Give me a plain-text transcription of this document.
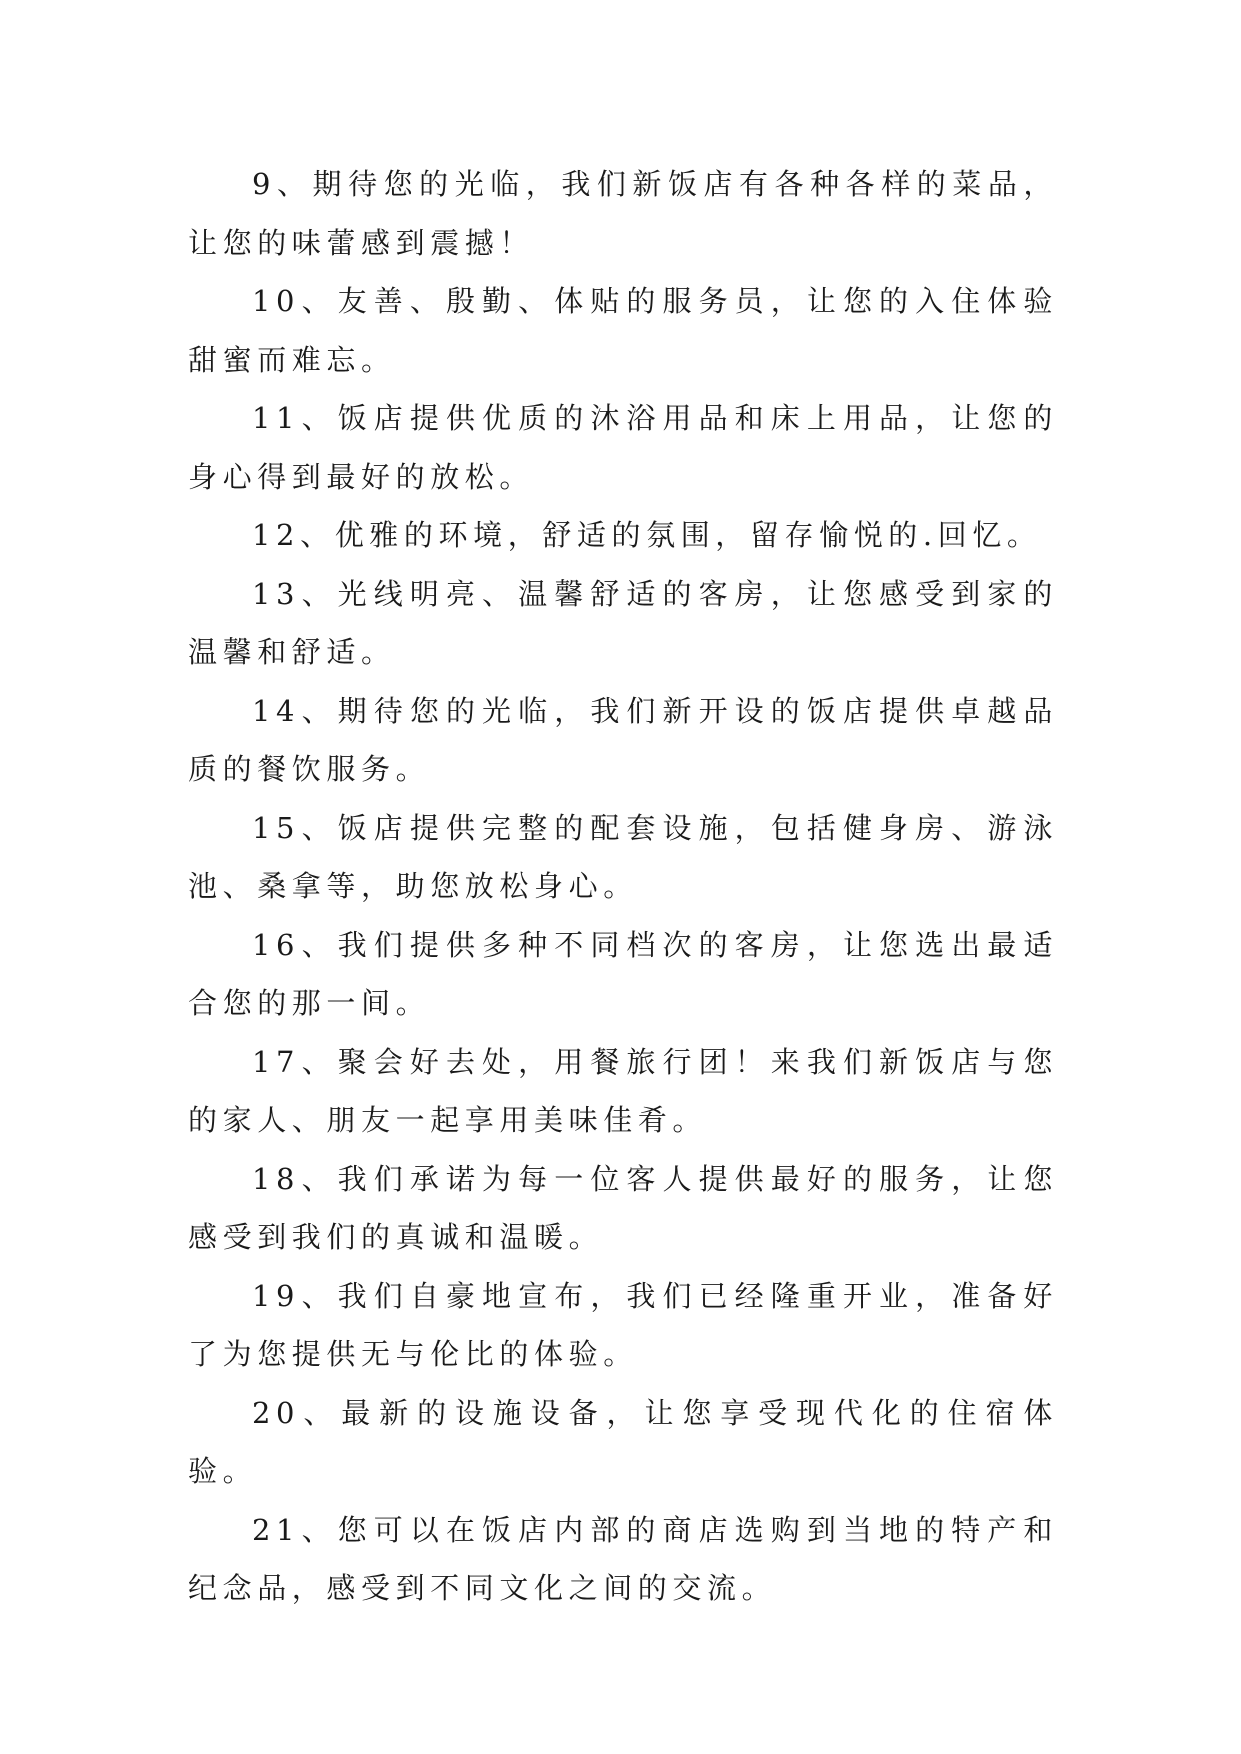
9、期待您的光临，我们新饭店有各种各样的菜品，让您的味蕾感到震撼！

10、友善、殷勤、体贴的服务员，让您的入住体验甜蜜而难忘。

11、饭店提供优质的沐浴用品和床上用品，让您的身心得到最好的放松。

12、优雅的环境，舒适的氛围，留存愉悦的.回忆。

13、光线明亮、温馨舒适的客房，让您感受到家的温馨和舒适。

14、期待您的光临，我们新开设的饭店提供卓越品质的餐饮服务。

15、饭店提供完整的配套设施，包括健身房、游泳池、桑拿等，助您放松身心。

16、我们提供多种不同档次的客房，让您选出最适合您的那一间。

17、聚会好去处，用餐旅行团！来我们新饭店与您的家人、朋友一起享用美味佳肴。

18、我们承诺为每一位客人提供最好的服务，让您感受到我们的真诚和温暖。

19、我们自豪地宣布，我们已经隆重开业，准备好了为您提供无与伦比的体验。

20、最新的设施设备，让您享受现代化的住宿体验。

21、您可以在饭店内部的商店选购到当地的特产和纪念品，感受到不同文化之间的交流。
